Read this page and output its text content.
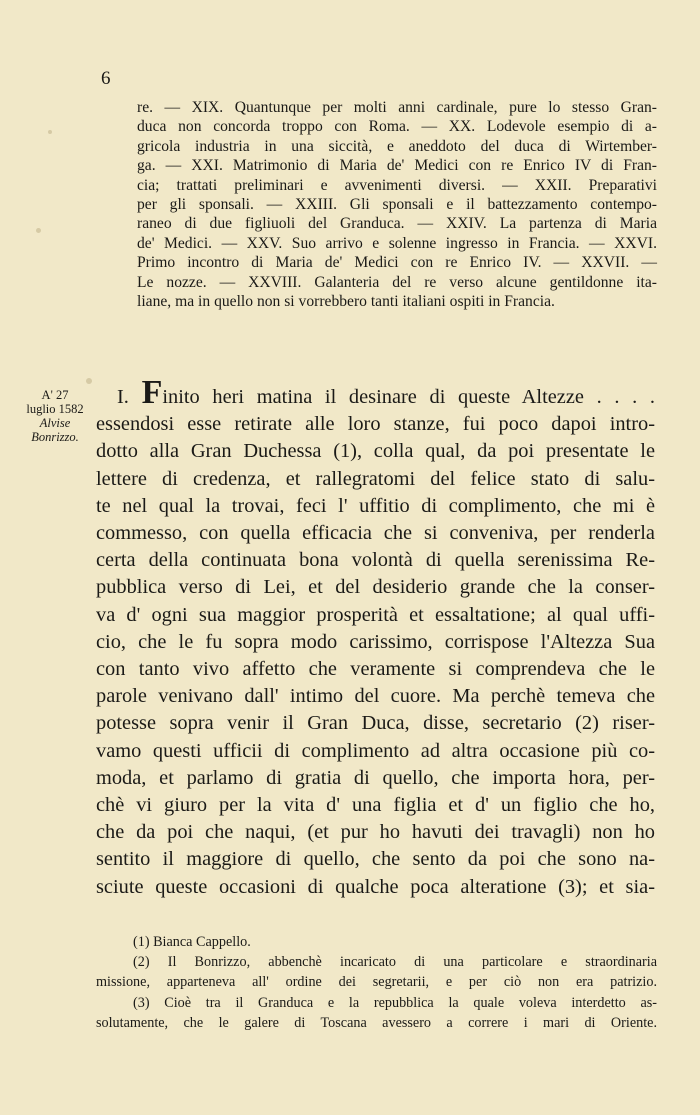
6
re. — XIX. Quantunque per molti anni cardinale, pure lo stesso Gran-
duca non concorda troppo con Roma. — XX. Lodevole esempio di a-
gricola industria in una siccità, e aneddoto del duca di Wirtember-
ga. — XXI. Matrimonio di Maria de' Medici con re Enrico IV di Fran-
cia; trattati preliminari e avvenimenti diversi. — XXII. Preparativi
per gli sponsali. — XXIII. Gli sponsali e il battezzamento contempo-
raneo di due figliuoli del Granduca. — XXIV. La partenza di Maria
de' Medici. — XXV. Suo arrivo e solenne ingresso in Francia. — XXVI.
Primo incontro di Maria de' Medici con re Enrico IV. — XXVII. —
Le nozze. — XXVIII. Galanteria del re verso alcune gentildonne ita-
liane, ma in quello non si vorrebbero tanti italiani ospiti in Francia.
A' 27
luglio 1582
Alvise
Bonrizzo.
I. Finito heri matina il desinare di queste Altezze . . . .
essendosi esse retirate alle loro stanze, fui poco dapoi intro-
dotto alla Gran Duchessa (1), colla qual, da poi presentate le
lettere di credenza, et rallegratomi del felice stato di salu-
te nel qual la trovai, feci l' uffitio di complimento, che mi è
commesso, con quella efficacia che si conveniva, per renderla
certa della continuata bona volontà di quella serenissima Re-
pubblica verso di Lei, et del desiderio grande che la conser-
va d' ogni sua maggior prosperità et essaltatione; al qual uffi-
cio, che le fu sopra modo carissimo, corrispose l'Altezza Sua
con tanto vivo affetto che veramente si comprendeva che le
parole venivano dall' intimo del cuore. Ma perchè temeva che
potesse sopra venir il Gran Duca, disse, secretario (2) riser-
vamo questi ufficii di complimento ad altra occasione più co-
moda, et parlamo di gratia di quello, che importa hora, per-
chè vi giuro per la vita d' una figlia et d' un figlio che ho,
che da poi che naqui, (et pur ho havuti dei travagli) non ho
sentito il maggiore di quello, che sento da poi che sono na-
sciute queste occasioni di qualche poca alteratione (3); et sia-
(1) Bianca Cappello.
(2) Il Bonrizzo, abbenchè incaricato di una particolare e straordinaria
missione, apparteneva all' ordine dei segretarii, e per ciò non era patrizio.
(3) Cioè tra il Granduca e la repubblica la quale voleva interdetto as-
solutamente, che le galere di Toscana avessero a correre i mari di Oriente.
